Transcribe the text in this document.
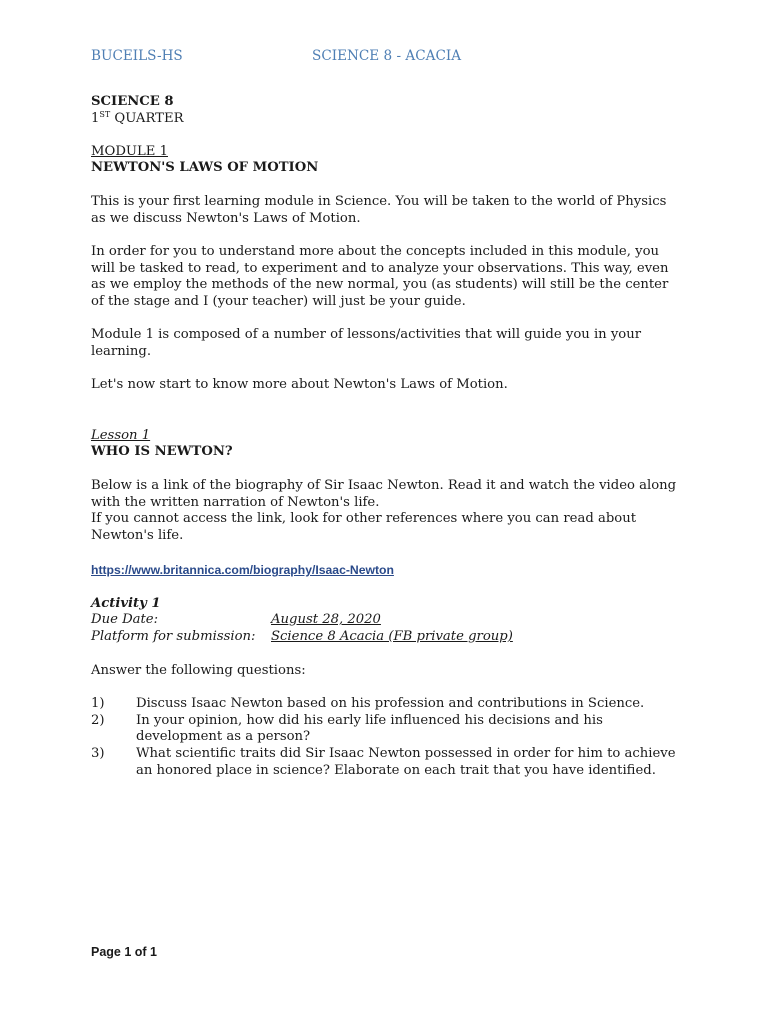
BUCEILS-HS	SCIENCE 8 - ACACIA
SCIENCE 8
1ST QUARTER
MODULE 1
NEWTON'S LAWS OF MOTION
This is your first learning module in Science. You will be taken to the world of Physics
as we discuss Newton's Laws of Motion.
In order for you to understand more about the concepts included in this module, you
will be tasked to read, to experiment and to analyze your observations. This way, even
as we employ the methods of the new normal, you (as students) will still be the center
of the stage and I (your teacher) will just be your guide.
Module 1 is composed of a number of lessons/activities that will guide you in your
learning.
Let's now start to know more about Newton's Laws of Motion.
Lesson 1
WHO IS NEWTON?
Below is a link of the biography of Sir Isaac Newton. Read it and watch the video along
with the written narration of Newton's life.
If you cannot access the link, look for other references where you can read about
Newton's life.
https://www.britannica.com/biography/Isaac-Newton
Activity 1
Due Date:	August 28, 2020
Platform for submission: Science 8 Acacia (FB private group)
Answer the following questions:
1) Discuss Isaac Newton based on his profession and contributions in Science.
2) In your opinion, how did his early life influenced his decisions and his
development as a person?
3) What scientific traits did Sir Isaac Newton possessed in order for him to achieve
an honored place in science? Elaborate on each trait that you have identified.
Page 1 of 1
